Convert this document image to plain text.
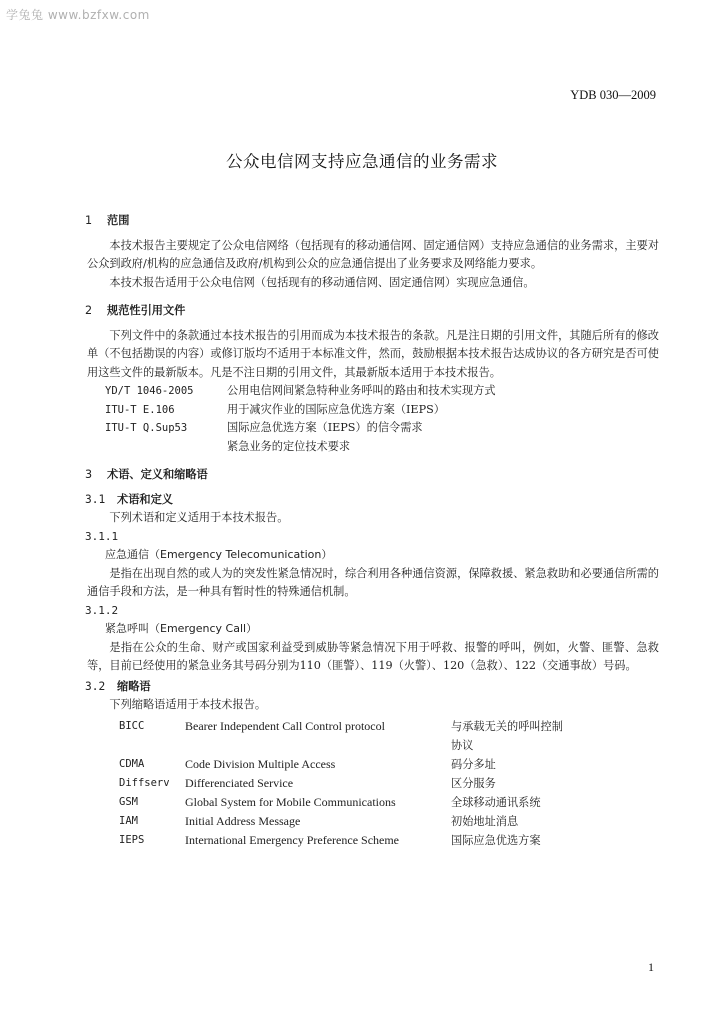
学兔兔 www.bzfxw.com
YDB 030—2009
公众电信网支持应急通信的业务需求
1 范围

本技术报告主要规定了公众电信网络（包括现有的移动通信网、固定通信网）支持应急通信的业务需求，主要对公众到政府/机构的应急通信及政府/机构到公众的应急通信提出了业务要求及网络能力要求。

本技术报告适用于公众电信网（包括现有的移动通信网、固定通信网）实现应急通信。

2 规范性引用文件

下列文件中的条款通过本技术报告的引用而成为本技术报告的条款。凡是注日期的引用文件，其随后所有的修改单（不包括勘误的内容）或修订版均不适用于本标准文件，然而，鼓励根据本技术报告达成协议的各方研究是否可使用这些文件的最新版本。凡是不注日期的引用文件，其最新版本适用于本技术报告。

YD/T 1046-2005	公用电信网间紧急特种业务呼叫的路由和技术实现方式
ITU-T E.106	用于减灾作业的国际应急优选方案（IEPS）
ITU-T Q.Sup53	国际应急优选方案（IEPS）的信令需求
	紧急业务的定位技术要求
3 术语、定义和缩略语
3.1 术语和定义

下列术语和定义适用于本技术报告。

3.1.1
应急通信（Emergency Telecomunication）

是指在出现自然的或人为的突发性紧急情况时，综合利用各种通信资源，保障救援、紧急救助和必要通信所需的通信手段和方法，是一种具有暂时性的特殊通信机制。

3.1.2
紧急呼叫（Emergency Call）

是指在公众的生命、财产或国家利益受到威胁等紧急情况下用于呼救、报警的呼叫，例如，火警、匪警、急救等，目前已经使用的紧急业务其号码分别为110（匪警）、119（火警）、120（急救）、122（交通事故）号码。

3.2 缩略语

下列缩略语适用于本技术报告。

BICC	Bearer Independent Call Control protocol	与承载无关的呼叫控制协议
CDMA	Code Division Multiple Access	码分多址
Diffserv	Differenciated Service	区分服务
GSM	Global System for Mobile Communications	全球移动通讯系统
IAM	Initial Address Message	初始地址消息
IEPS	International Emergency Preference Scheme	国际应急优选方案
1
